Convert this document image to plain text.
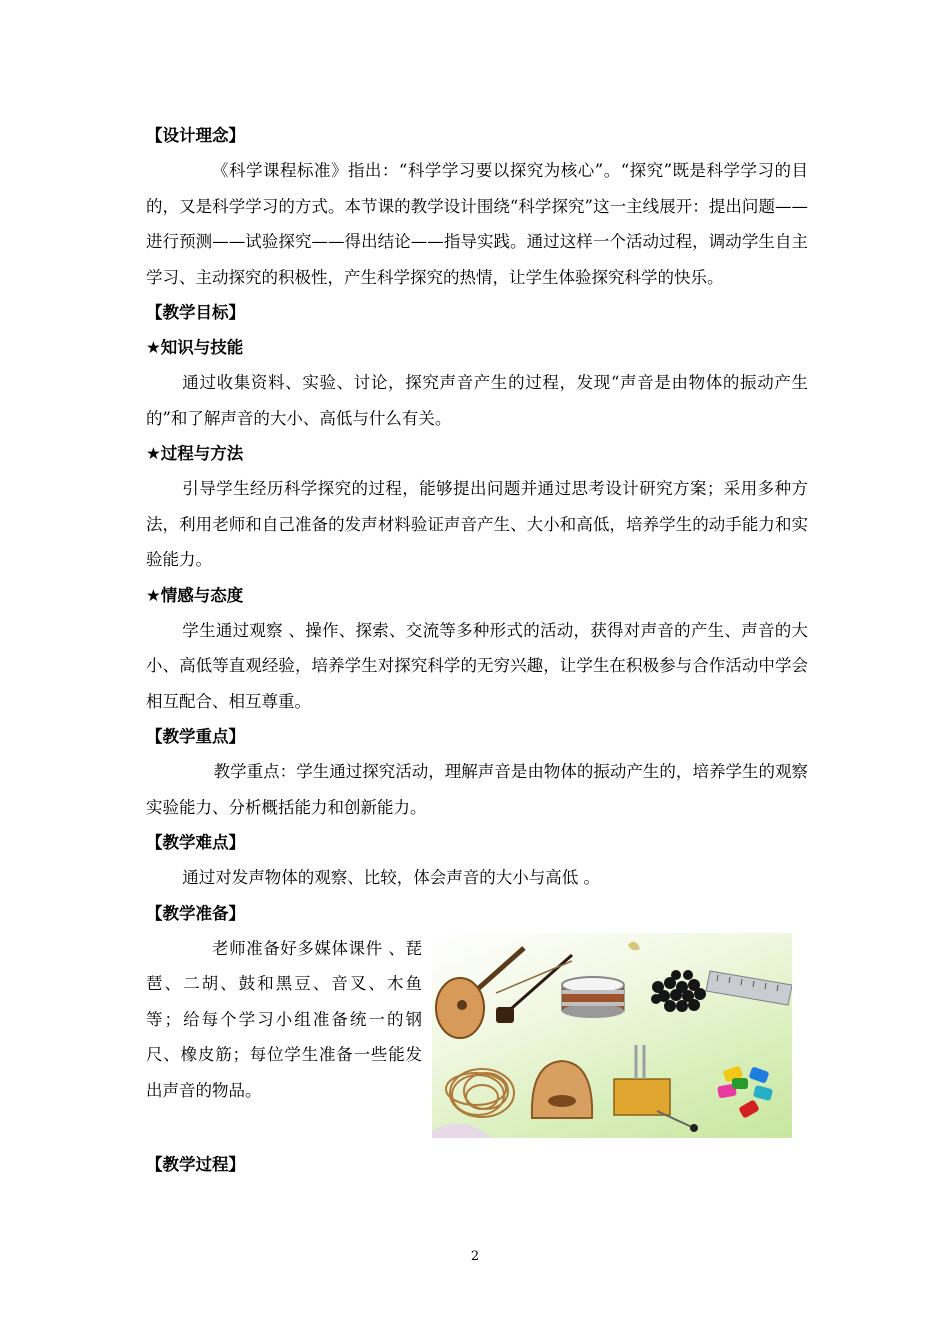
【设计理念】

《科学课程标准》指出：“科学学习要以探究为核心”。“探究”既是科学学习的目的，又是科学学习的方式。本节课的教学设计围绕“科学探究”这一主线展开：提出问题——进行预测——试验探究——得出结论——指导实践。通过这样一个活动过程，调动学生自主学习、主动探究的积极性，产生科学探究的热情，让学生体验探究科学的快乐。

【教学目标】
★知识与技能

通过收集资料、实验、讨论，探究声音产生的过程，发现“声音是由物体的振动产生的”和了解声音的大小、高低与什么有关。

★过程与方法

引导学生经历科学探究的过程，能够提出问题并通过思考设计研究方案；采用多种方法，利用老师和自己准备的发声材料验证声音产生、大小和高低，培养学生的动手能力和实验能力。

★情感与态度

学生通过观察 、操作、探索、交流等多种形式的活动，获得对声音的产生、声音的大小、高低等直观经验，培养学生对探究科学的无穷兴趣，让学生在积极参与合作活动中学会相互配合、相互尊重。

【教学重点】

教学重点：学生通过探究活动，理解声音是由物体的振动产生的，培养学生的观察实验能力、分析概括能力和创新能力。

【教学难点】

通过对发声物体的观察、比较，体会声音的大小与高低 。

【教学准备】

老师准备好多媒体课件 、琵琶、二胡、鼓和黑豆、音叉、木鱼等；给每个学习小组准备统一的钢尺、橡皮筋；每位学生准备一些能发出声音的物品。

【教学过程】
2
